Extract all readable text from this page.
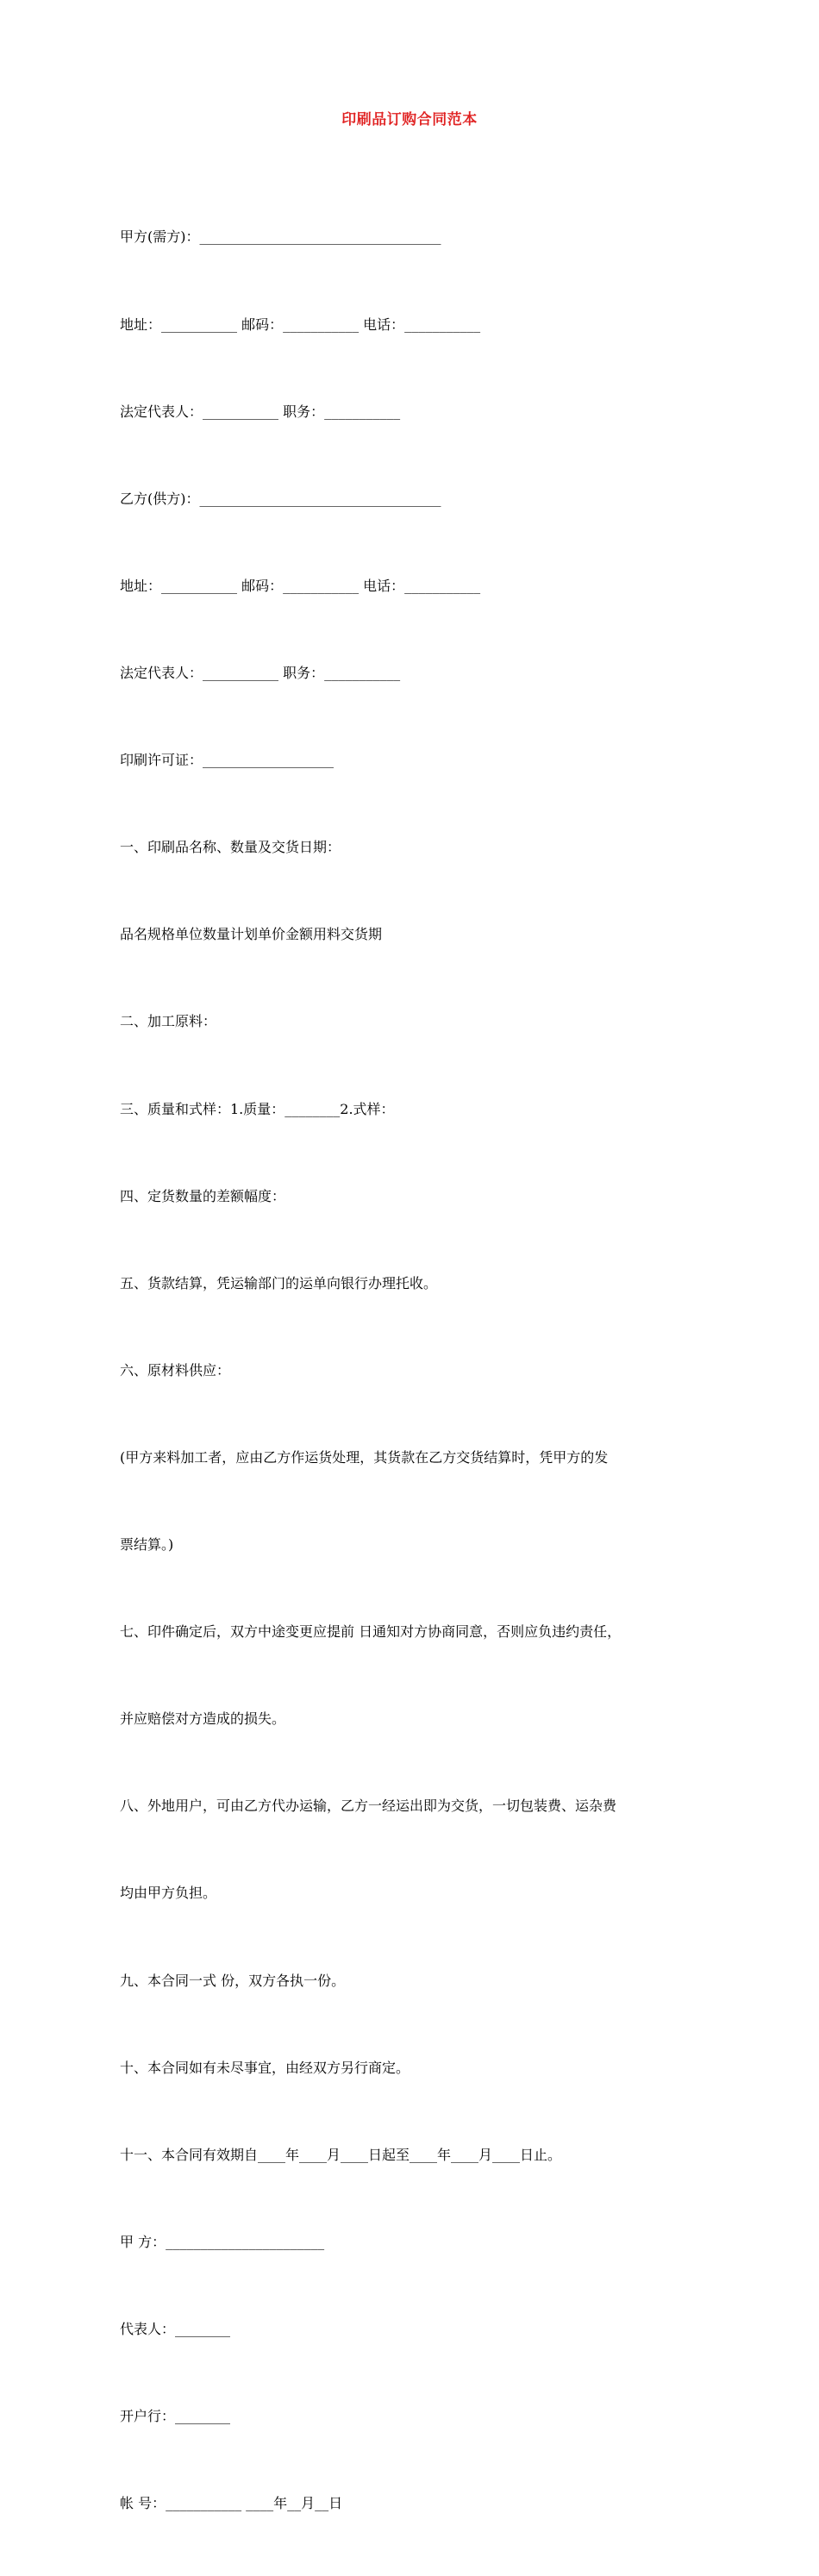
印刷品订购合同范本

甲方(需方)：___________________________________

地址：___________ 邮码：___________ 电话：___________

法定代表人：___________ 职务：___________

乙方(供方)：___________________________________

地址：___________ 邮码：___________ 电话：___________

法定代表人：___________ 职务：___________

印刷许可证：___________________

一、印刷品名称、数量及交货日期：

品名规格单位数量计划单价金额用料交货期

二、加工原料：

三、质量和式样：1.质量：________2.式样：

四、定货数量的差额幅度：

五、货款结算，凭运输部门的运单向银行办理托收。

六、原材料供应：

(甲方来料加工者，应由乙方作运货处理，其货款在乙方交货结算时，凭甲方的发

票结算。)

七、印件确定后，双方中途变更应提前 日通知对方协商同意，否则应负违约责任，

并应赔偿对方造成的损失。

八、外地用户，可由乙方代办运输，乙方一经运出即为交货，一切包装费、运杂费

均由甲方负担。

九、本合同一式 份，双方各执一份。

十、本合同如有未尽事宜，由经双方另行商定。

十一、本合同有效期自____年____月____日起至____年____月____日止。

甲 方：_______________________

代表人：________

开户行：________

帐 号：___________ ____年__月__日
